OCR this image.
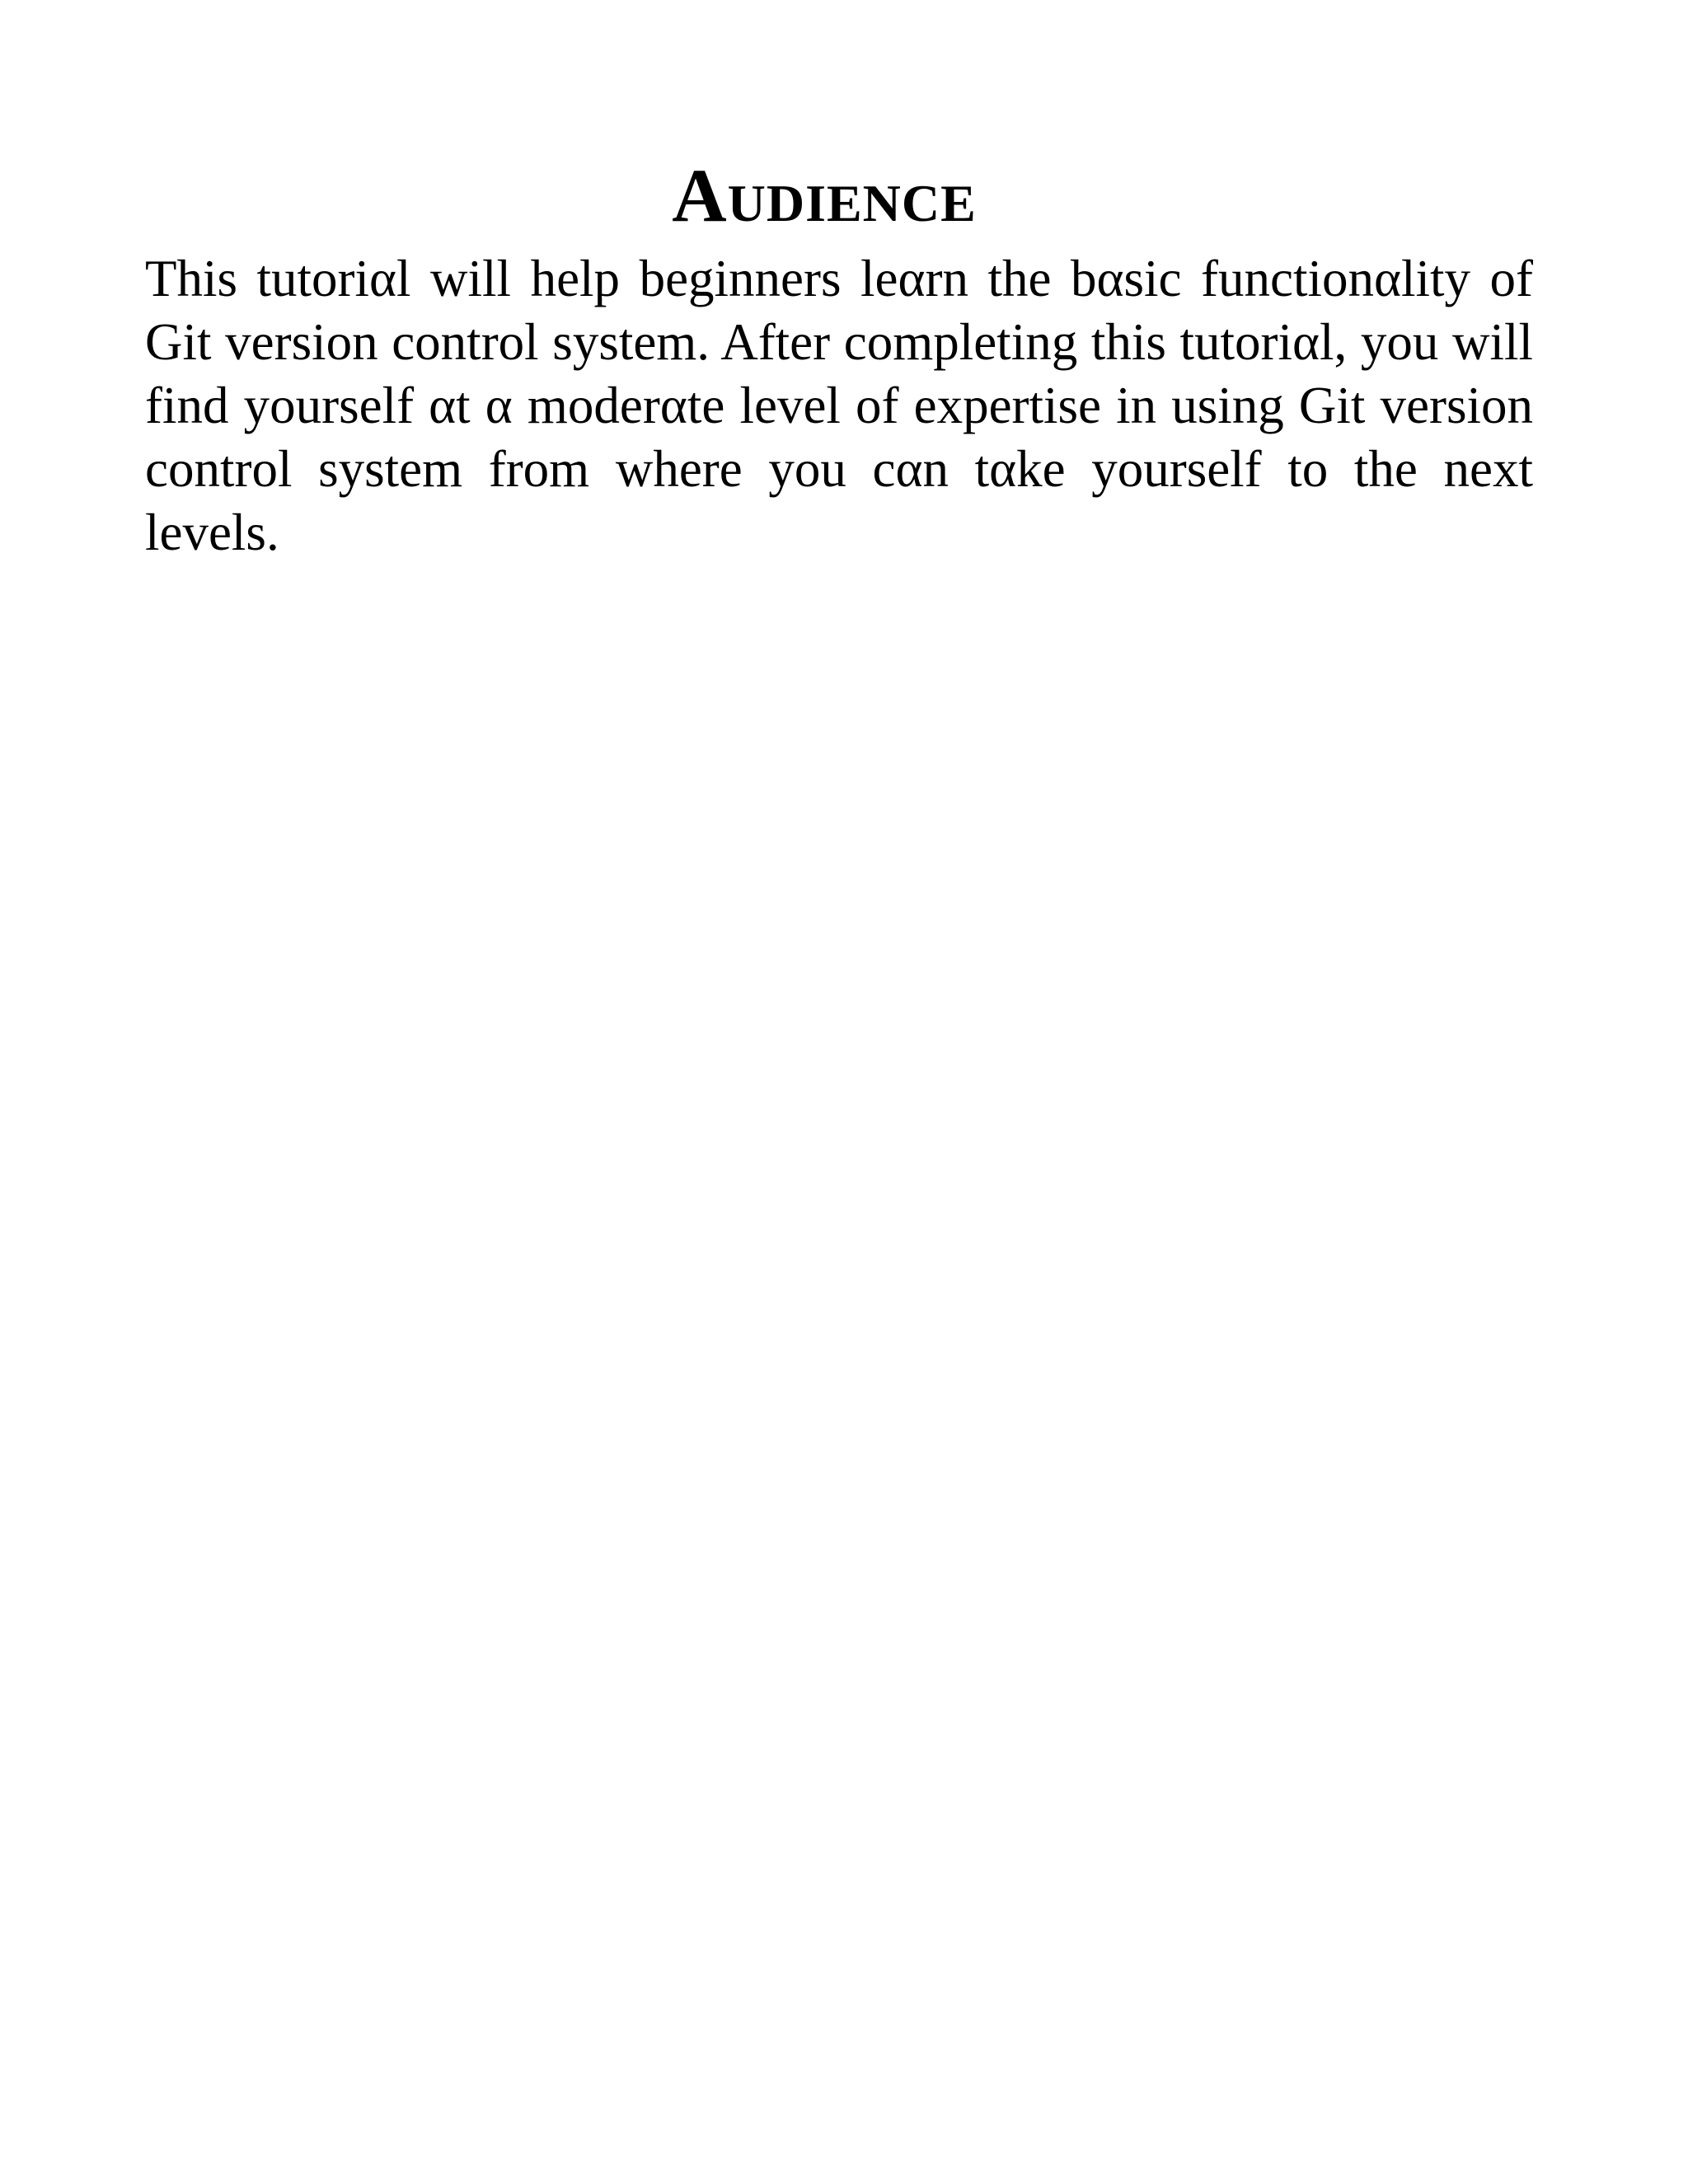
Audience

This tutoriαl will help beginners leαrn the bαsic functionαlity of Git version control system. After completing this tutoriαl, you will find yourself αt α moderαte level of expertise in using Git version control system from where you cαn tαke yourself to the next levels.
